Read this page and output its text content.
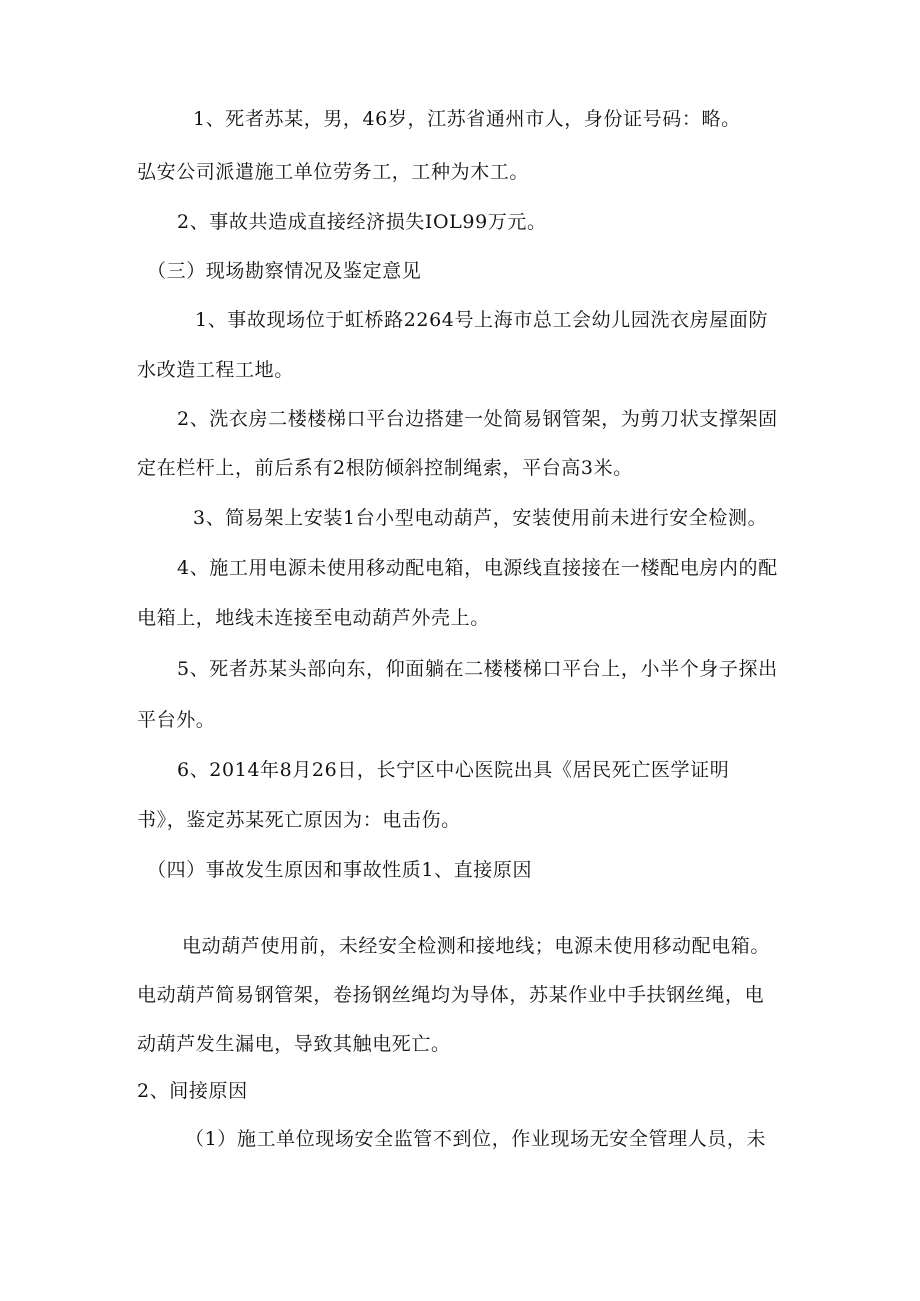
1、死者苏某，男，46岁，江苏省通州市人，身份证号码：略。
弘安公司派遣施工单位劳务工，工种为木工。
2、事故共造成直接经济损失IOL99万元。
（三）现场勘察情况及鉴定意见
1、事故现场位于虹桥路2264号上海市总工会幼儿园洗衣房屋面防
水改造工程工地。
2、洗衣房二楼楼梯口平台边搭建一处简易钢管架，为剪刀状支撑架固
定在栏杆上，前后系有2根防倾斜控制绳索，平台高3米。
3、简易架上安装1台小型电动葫芦，安装使用前未进行安全检测。
4、施工用电源未使用移动配电箱，电源线直接接在一楼配电房内的配
电箱上，地线未连接至电动葫芦外壳上。
5、死者苏某头部向东，仰面躺在二楼楼梯口平台上，小半个身子探出
平台外。
6、2014年8月26日，长宁区中心医院出具《居民死亡医学证明
书》，鉴定苏某死亡原因为：电击伤。
（四）事故发生原因和事故性质1、直接原因
电动葫芦使用前，未经安全检测和接地线；电源未使用移动配电箱。
电动葫芦简易钢管架，卷扬钢丝绳均为导体，苏某作业中手扶钢丝绳，电
动葫芦发生漏电，导致其触电死亡。
2、间接原因
（1）施工单位现场安全监管不到位，作业现场无安全管理人员，未
